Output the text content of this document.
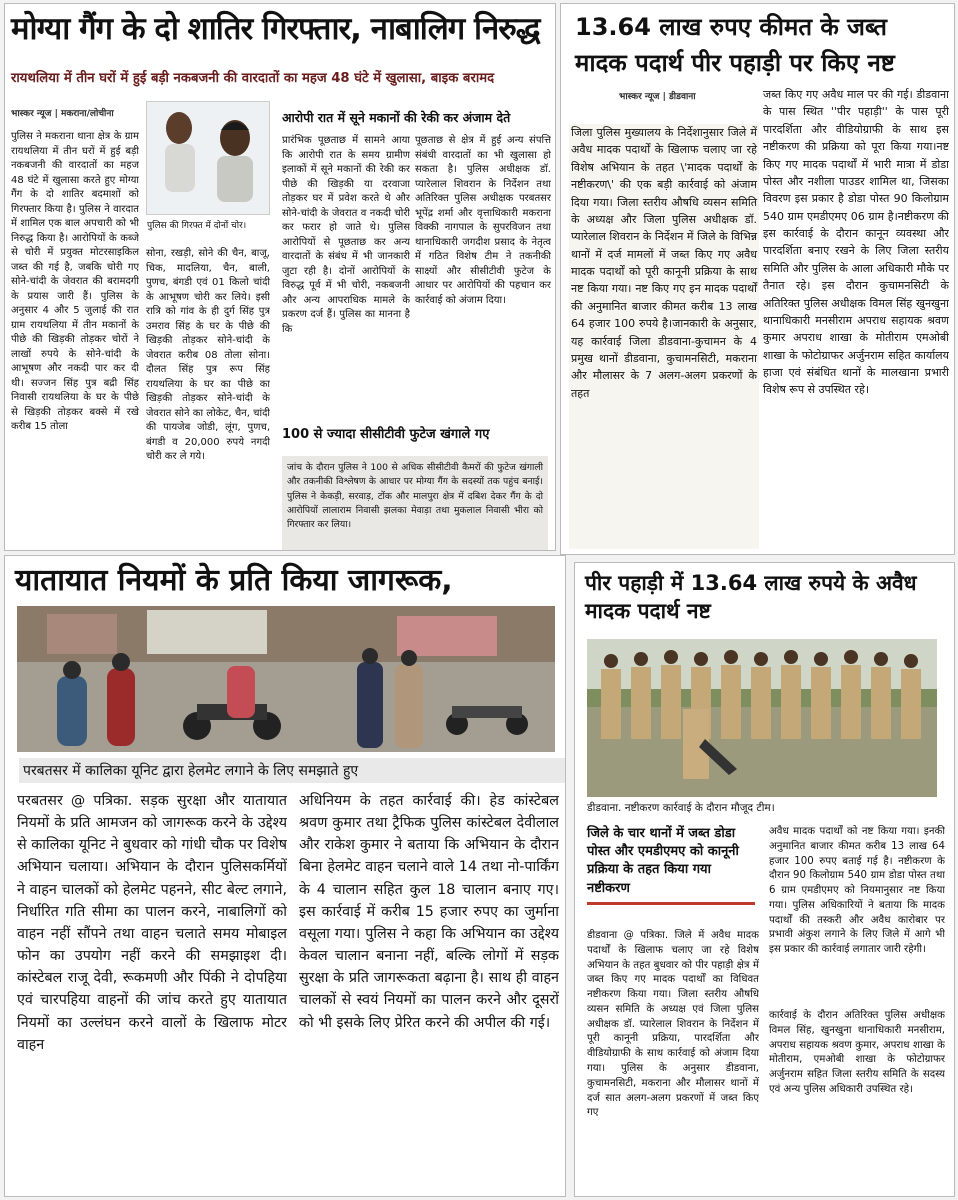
मोग्या गैंग के दो शातिर गिरफ्तार, नाबालिग निरुद्ध
रायथलिया में तीन घरों में हुई बड़ी नकबजनी की वारदातों का महज 48 घंटे में खुलासा, बाइक बरामद
भास्कर न्यूज | मकराना/लोचीना
पुलिस ने मकराना थाना क्षेत्र के ग्राम रायथलिया में तीन घरों में हुई बड़ी नकबजनी की वारदातों का महज 48 घंटे में खुलासा करते हुए मोग्या गैंग के दो शातिर बदमाशों को गिरफ्तार किया है। पुलिस ने वारदात में शामिल एक बाल अपचारी को भी निरुद्ध किया है। आरोपियों के कब्जे से चोरी में प्रयुक्त मोटरसाइकिल जब्त की गई है, जबकि चोरी गए सोने-चांदी के जेवरात की बरामदगी के प्रयास जारी हैं। पुलिस के अनुसार 4 और 5 जुलाई की रात ग्राम रायथलिया में तीन मकानों के पीछे की खिड़की तोड़कर चोरों ने लाखों रुपये के सोने-चांदी के आभूषण और नकदी पार कर दी थी। सज्जन सिंह पुत्र बद्री सिंह निवासी रायथलिया के घर के पीछे से खिड़की तोड़कर बक्से में रखे करीब 15 तोला
पुलिस की गिरफ्त में दोनों चोर।
सोना, रखड़ी, सोने की चैन, बाजू, चिक, मादलिया, चैन, बाली, पुणच, बंगडी एवं 01 किलो चांदी के आभूषण चोरी कर लिये। इसी रात्रि को गांव के ही दुर्ग सिंह पुत्र उमराव सिंह के घर के पीछे की खिड़की तोड़कर सोने-चांदी के जेवरात करीब 08 तोला सोना। दौलत सिंह पुत्र रूप सिंह रायथलिया के घर का पीछे का खिड़की तोड़कर सोने-चांदी के जेवरात सोने का लोकेट, चैन, चांदी की पायजेब जोडी, लूंग, पुणच, बंगडी व 20,000 रुपये नगदी चोरी कर ले गये।
आरोपी रात में सूने मकानों की रेकी कर अंजाम देते
प्रारंभिक पूछताछ में सामने आया कि आरोपी रात के समय ग्रामीण इलाकों में सूने मकानों की रेकी कर पीछे की खिड़की या दरवाजा तोड़कर घर में प्रवेश करते थे और सोने-चांदी के जेवरात व नकदी चोरी कर फरार हो जाते थे। पुलिस आरोपियों से पूछताछ कर अन्य वारदातों के संबंध में भी जानकारी जुटा रही है। दोनों आरोपियों के विरुद्ध पूर्व में भी चोरी, नकबजनी और अन्य आपराधिक मामले के प्रकरण दर्ज हैं। पुलिस का मानना है कि
पूछताछ से क्षेत्र में हुई अन्य संपत्ति संबंधी वारदातों का भी खुलासा हो सकता है। पुलिस अधीक्षक डॉ. प्यारेलाल शिवरान के निर्देशन तथा अतिरिक्त पुलिस अधीक्षक परबतसर भूपेंद्र शर्मा और वृत्ताधिकारी मकराना विक्की नागपाल के सुपरविजन तथा थानाधिकारी जगदीश प्रसाद के नेतृत्व में गठित विशेष टीम ने तकनीकी साक्ष्यों और सीसीटीवी फुटेज के आधार पर आरोपियों की पहचान कर कार्रवाई को अंजाम दिया।
100 से ज्यादा सीसीटीवी फुटेज खंगाले गए
जांच के दौरान पुलिस ने 100 से अधिक सीसीटीवी कैमरों की फुटेज खंगाली और तकनीकी विश्लेषण के आधार पर मोग्या गैंग के सदस्यों तक पहुंच बनाई। पुलिस ने केकड़ी, सरवाड़, टोंक और मालपुरा क्षेत्र में दबिश देकर गैंग के दो आरोपियों लालाराम निवासी झलका मेवाड़ा तथा मुकलाल निवासी भीरा को गिरफ्तार कर लिया।
13.64 लाख रुपए कीमत के जब्त
मादक पदार्थ पीर पहाड़ी पर किए नष्ट
भास्कर न्यूज | डीडवाना
जिला पुलिस मुख्यालय के निर्देशानुसार जिले में अवैध मादक पदार्थों के खिलाफ चलाए जा रहे विशेष अभियान के तहत \'मादक पदार्थों के नष्टीकरण\' की एक बड़ी कार्रवाई को अंजाम दिया गया। जिला स्तरीय औषधि व्यसन समिति के अध्यक्ष और जिला पुलिस अधीक्षक डॉ. प्यारेलाल शिवरान के निर्देशन में जिले के विभिन्न थानों में दर्ज मामलों में जब्त किए गए अवैध मादक पदार्थों को पूरी कानूनी प्रक्रिया के साथ नष्ट किया गया। नष्ट किए गए इन मादक पदार्थों की अनुमानित बाजार कीमत करीब 13 लाख 64 हजार 100 रुपये है।जानकारी के अनुसार, यह कार्रवाई जिला डीडवाना-कुचामन के 4 प्रमुख थानों डीडवाना, कुचामनसिटी, मकराना और मौलासर के 7 अलग-अलग प्रकरणों के तहत
जब्त किए गए अवैध माल पर की गई। डीडवाना के पास स्थित ''पीर पहाड़ी'' के पास पूरी पारदर्शिता और वीडियोग्राफी के साथ इस नष्टीकरण की प्रक्रिया को पूरा किया गया।नष्ट किए गए मादक पदार्थों में भारी मात्रा में डोडा पोस्त और नशीला पाउडर शामिल था, जिसका विवरण इस प्रकार है डोडा पोस्त 90 किलोग्राम 540 ग्राम एमडीएमए 06 ग्राम है।नष्टीकरण की इस कार्रवाई के दौरान कानून व्यवस्था और पारदर्शिता बनाए रखने के लिए जिला स्तरीय समिति और पुलिस के आला अधिकारी मौके पर तैनात रहे। इस दौरान कुचामनसिटी के अतिरिक्त पुलिस अधीक्षक विमल सिंह खुनखुना थानाधिकारी मनसीराम अपराध सहायक श्रवण कुमार अपराध शाखा के मोतीराम एमओबी शाखा के फोटोग्राफर अर्जुनराम सहित कार्यालय हाजा एवं संबंधित थानों के मालखाना प्रभारी विशेष रूप से उपस्थित रहे।
यातायात नियमों के प्रति किया जागरूक,
परबतसर में कालिका यूनिट द्वारा हेलमेट लगाने के लिए समझाते हुए
परबतसर @ पत्रिका. सड़क सुरक्षा और यातायात नियमों के प्रति आमजन को जागरूक करने के उद्देश्य से कालिका यूनिट ने बुधवार को गांधी चौक पर विशेष अभियान चलाया। अभियान के दौरान पुलिसकर्मियों ने वाहन चालकों को हेलमेट पहनने, सीट बेल्ट लगाने, निर्धारित गति सीमा का पालन करने, नाबालिगों को वाहन नहीं सौंपने तथा वाहन चलाते समय मोबाइल फोन का उपयोग नहीं करने की समझाइश दी। कांस्टेबल राजू देवी, रूकमणी और पिंकी ने दोपहिया एवं चारपहिया वाहनों की जांच करते हुए यातायात नियमों का उल्लंघन करने वालों के खिलाफ मोटर वाहन
अधिनियम के तहत कार्रवाई की। हेड कांस्टेबल श्रवण कुमार तथा ट्रैफिक पुलिस कांस्टेबल देवीलाल और राकेश कुमार ने बताया कि अभियान के दौरान बिना हेलमेट वाहन चलाने वाले 14 तथा नो-पार्किंग के 4 चालान सहित कुल 18 चालान बनाए गए। इस कार्रवाई में करीब 15 हजार रुपए का जुर्माना वसूला गया। पुलिस ने कहा कि अभियान का उद्देश्य केवल चालान बनाना नहीं, बल्कि लोगों में सड़क सुरक्षा के प्रति जागरूकता बढ़ाना है। साथ ही वाहन चालकों से स्वयं नियमों का पालन करने और दूसरों को भी इसके लिए प्रेरित करने की अपील की गई।
पीर पहाड़ी में 13.64 लाख रुपये के अवैध मादक पदार्थ नष्ट
डीडवाना. नष्टीकरण कार्रवाई के दौरान मौजूद टीम।
जिले के चार थानों में जब्त डोडा पोस्त और एमडीएमए को कानूनी प्रक्रिया के तहत किया गया नष्टीकरण
डीडवाना @ पत्रिका. जिले में अवैध मादक पदार्थों के खिलाफ चलाए जा रहे विशेष अभियान के तहत बुधवार को पीर पहाड़ी क्षेत्र में जब्त किए गए मादक पदार्थों का विधिवत नष्टीकरण किया गया। जिला स्तरीय औषधि व्यसन समिति के अध्यक्ष एवं जिला पुलिस अधीक्षक डॉ. प्यारेलाल शिवरान के निर्देशन में पूरी कानूनी प्रक्रिया, पारदर्शिता और वीडियोग्राफी के साथ कार्रवाई को अंजाम दिया गया। पुलिस के अनुसार डीडवाना, कुचामनसिटी, मकराना और मौलासर थानों में दर्ज सात अलग-अलग प्रकरणों में जब्त किए गए
अवैध मादक पदार्थों को नष्ट किया गया। इनकी अनुमानित बाजार कीमत करीब 13 लाख 64 हजार 100 रुपए बताई गई है। नष्टीकरण के दौरान 90 किलोग्राम 540 ग्राम डोडा पोस्त तथा 6 ग्राम एमडीएमए को नियमानुसार नष्ट किया गया। पुलिस अधिकारियों ने बताया कि मादक पदार्थों की तस्करी और अवैध कारोबार पर प्रभावी अंकुश लगाने के लिए जिले में आगे भी इस प्रकार की कार्रवाई लगातार जारी रहेगी।
कार्रवाई के दौरान अतिरिक्त पुलिस अधीक्षक विमल सिंह, खुनखुना थानाधिकारी मनसीराम, अपराध सहायक श्रवण कुमार, अपराध शाखा के मोतीराम, एमओबी शाखा के फोटोग्राफर अर्जुनराम सहित जिला स्तरीय समिति के सदस्य एवं अन्य पुलिस अधिकारी उपस्थित रहे।
